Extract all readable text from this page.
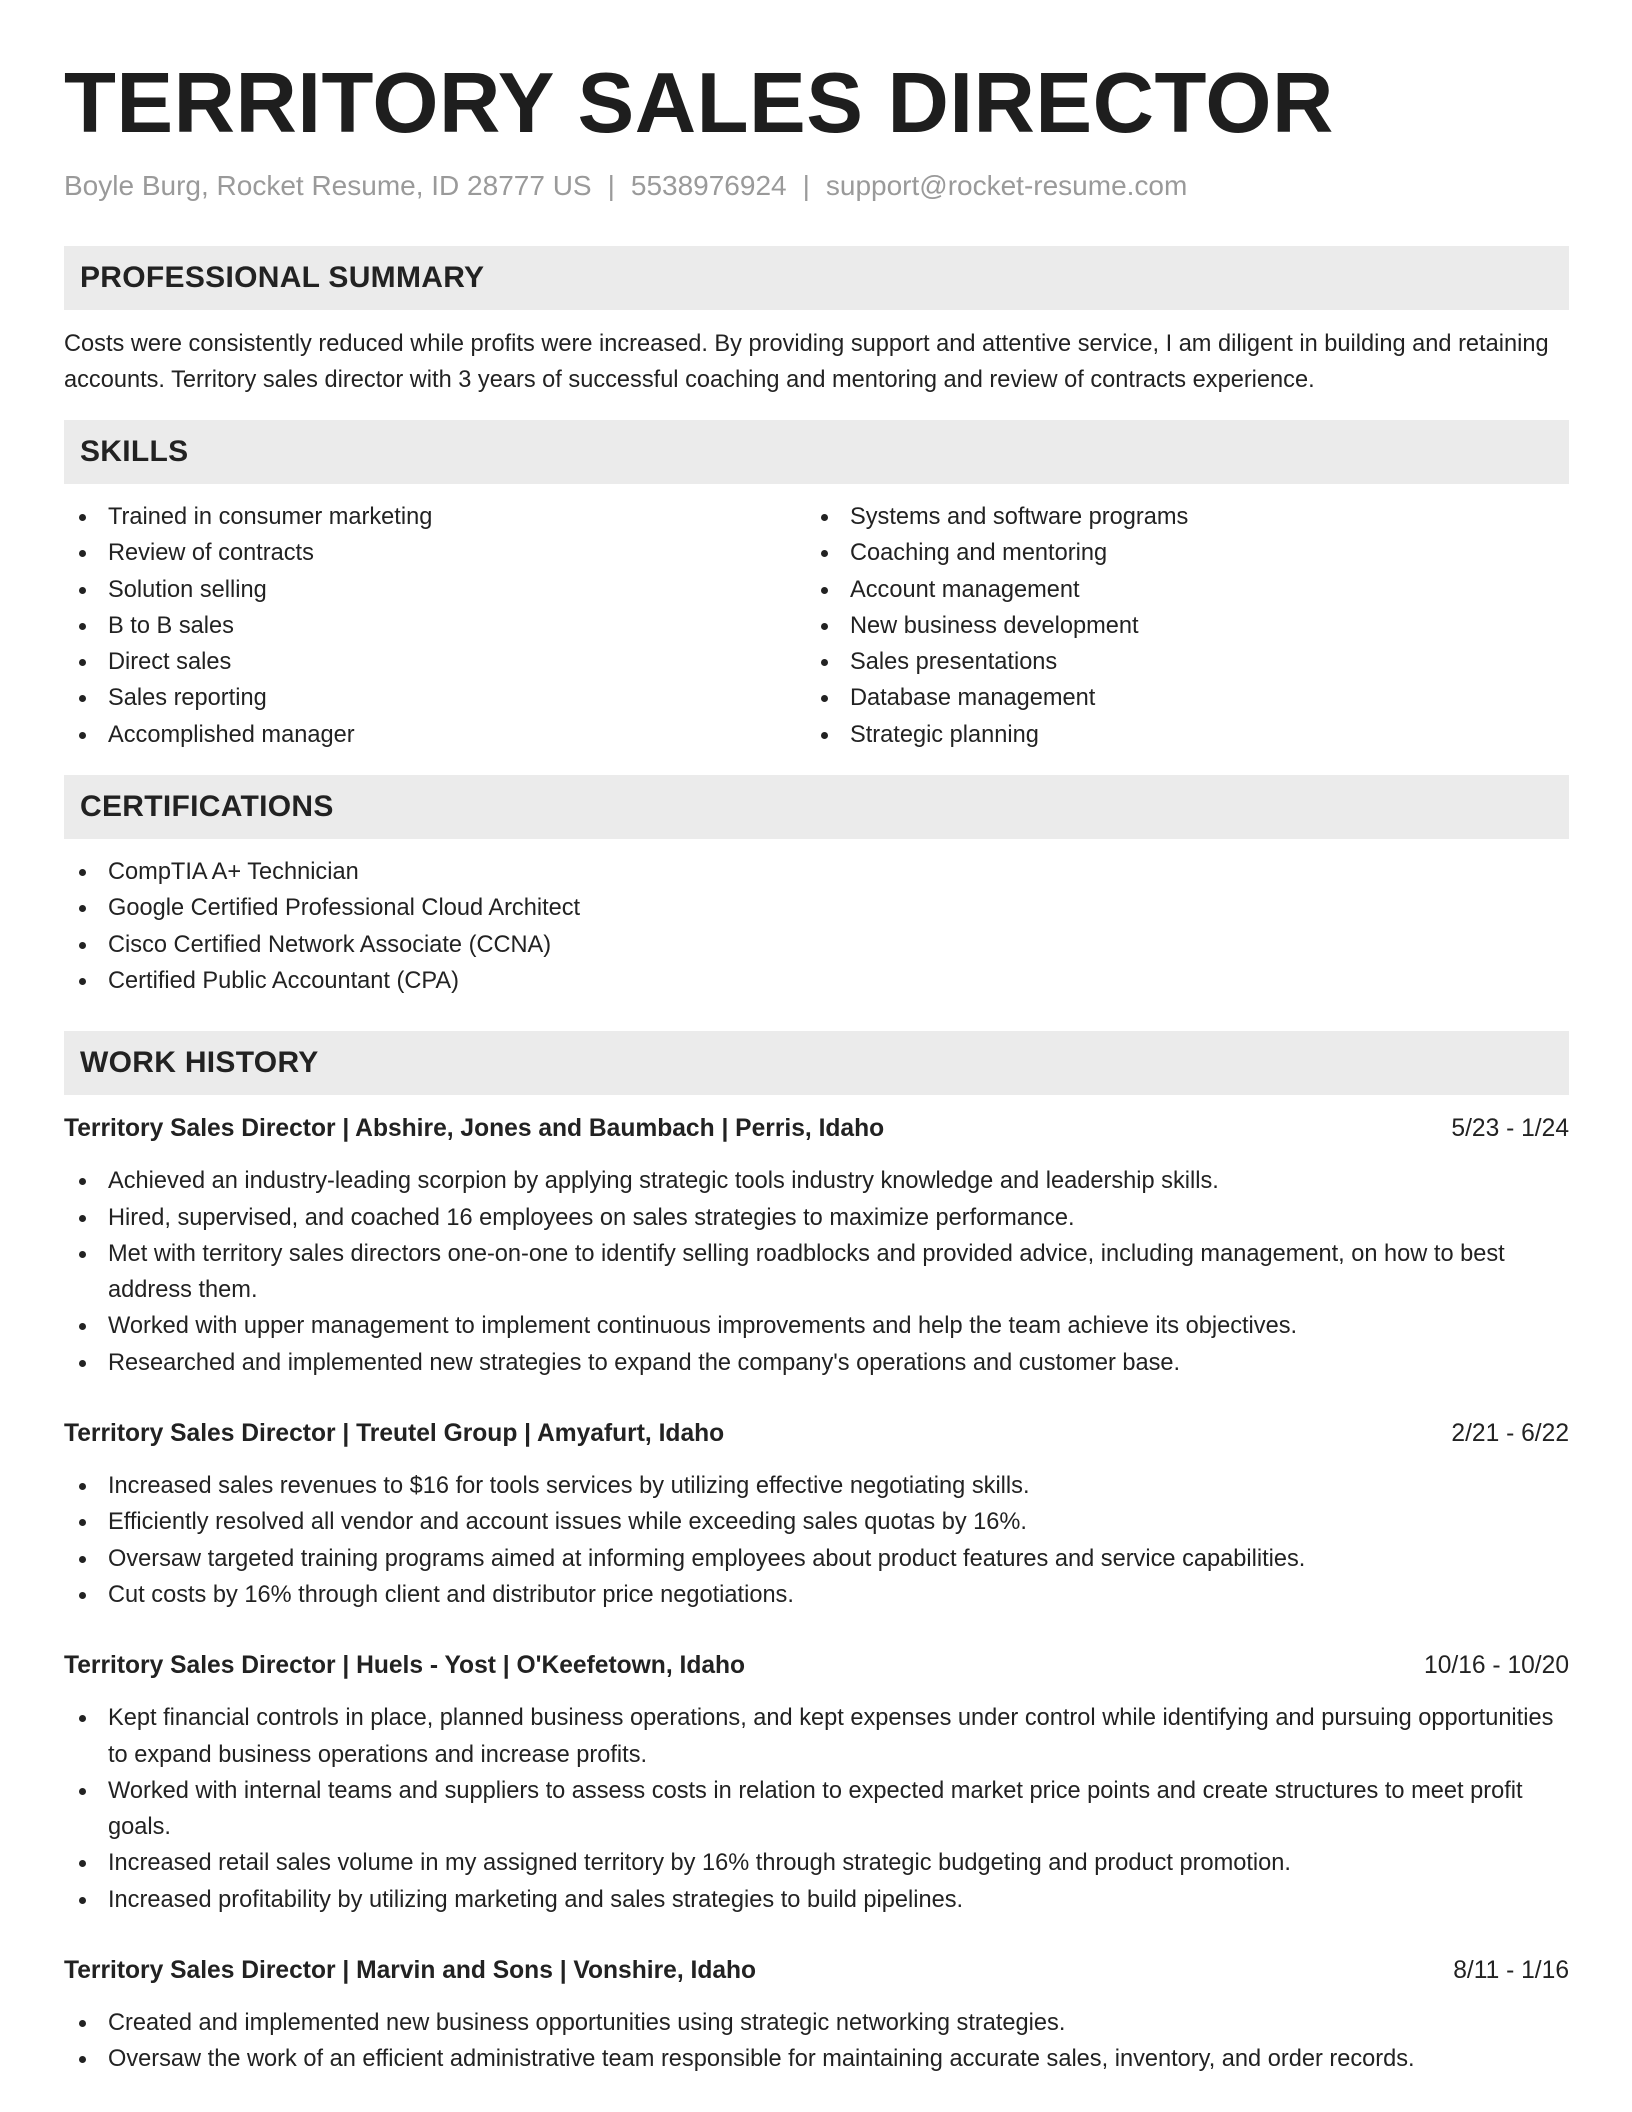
TERRITORY SALES DIRECTOR
Boyle Burg, Rocket Resume, ID 28777 US | 5538976924 | support@rocket-resume.com
PROFESSIONAL SUMMARY
Costs were consistently reduced while profits were increased. By providing support and attentive service, I am diligent in building and retaining accounts. Territory sales director with 3 years of successful coaching and mentoring and review of contracts experience.
SKILLS
Trained in consumer marketing
Review of contracts
Solution selling
B to B sales
Direct sales
Sales reporting
Accomplished manager
Systems and software programs
Coaching and mentoring
Account management
New business development
Sales presentations
Database management
Strategic planning
CERTIFICATIONS
CompTIA A+ Technician
Google Certified Professional Cloud Architect
Cisco Certified Network Associate (CCNA)
Certified Public Accountant (CPA)
WORK HISTORY
Territory Sales Director | Abshire, Jones and Baumbach | Perris, Idaho	5/23 - 1/24
Achieved an industry-leading scorpion by applying strategic tools industry knowledge and leadership skills.
Hired, supervised, and coached 16 employees on sales strategies to maximize performance.
Met with territory sales directors one-on-one to identify selling roadblocks and provided advice, including management, on how to best address them.
Worked with upper management to implement continuous improvements and help the team achieve its objectives.
Researched and implemented new strategies to expand the company's operations and customer base.
Territory Sales Director | Treutel Group | Amyafurt, Idaho	2/21 - 6/22
Increased sales revenues to $16 for tools services by utilizing effective negotiating skills.
Efficiently resolved all vendor and account issues while exceeding sales quotas by 16%.
Oversaw targeted training programs aimed at informing employees about product features and service capabilities.
Cut costs by 16% through client and distributor price negotiations.
Territory Sales Director | Huels - Yost | O'Keefetown, Idaho	10/16 - 10/20
Kept financial controls in place, planned business operations, and kept expenses under control while identifying and pursuing opportunities to expand business operations and increase profits.
Worked with internal teams and suppliers to assess costs in relation to expected market price points and create structures to meet profit goals.
Increased retail sales volume in my assigned territory by 16% through strategic budgeting and product promotion.
Increased profitability by utilizing marketing and sales strategies to build pipelines.
Territory Sales Director | Marvin and Sons | Vonshire, Idaho	8/11 - 1/16
Created and implemented new business opportunities using strategic networking strategies.
Oversaw the work of an efficient administrative team responsible for maintaining accurate sales, inventory, and order records.
